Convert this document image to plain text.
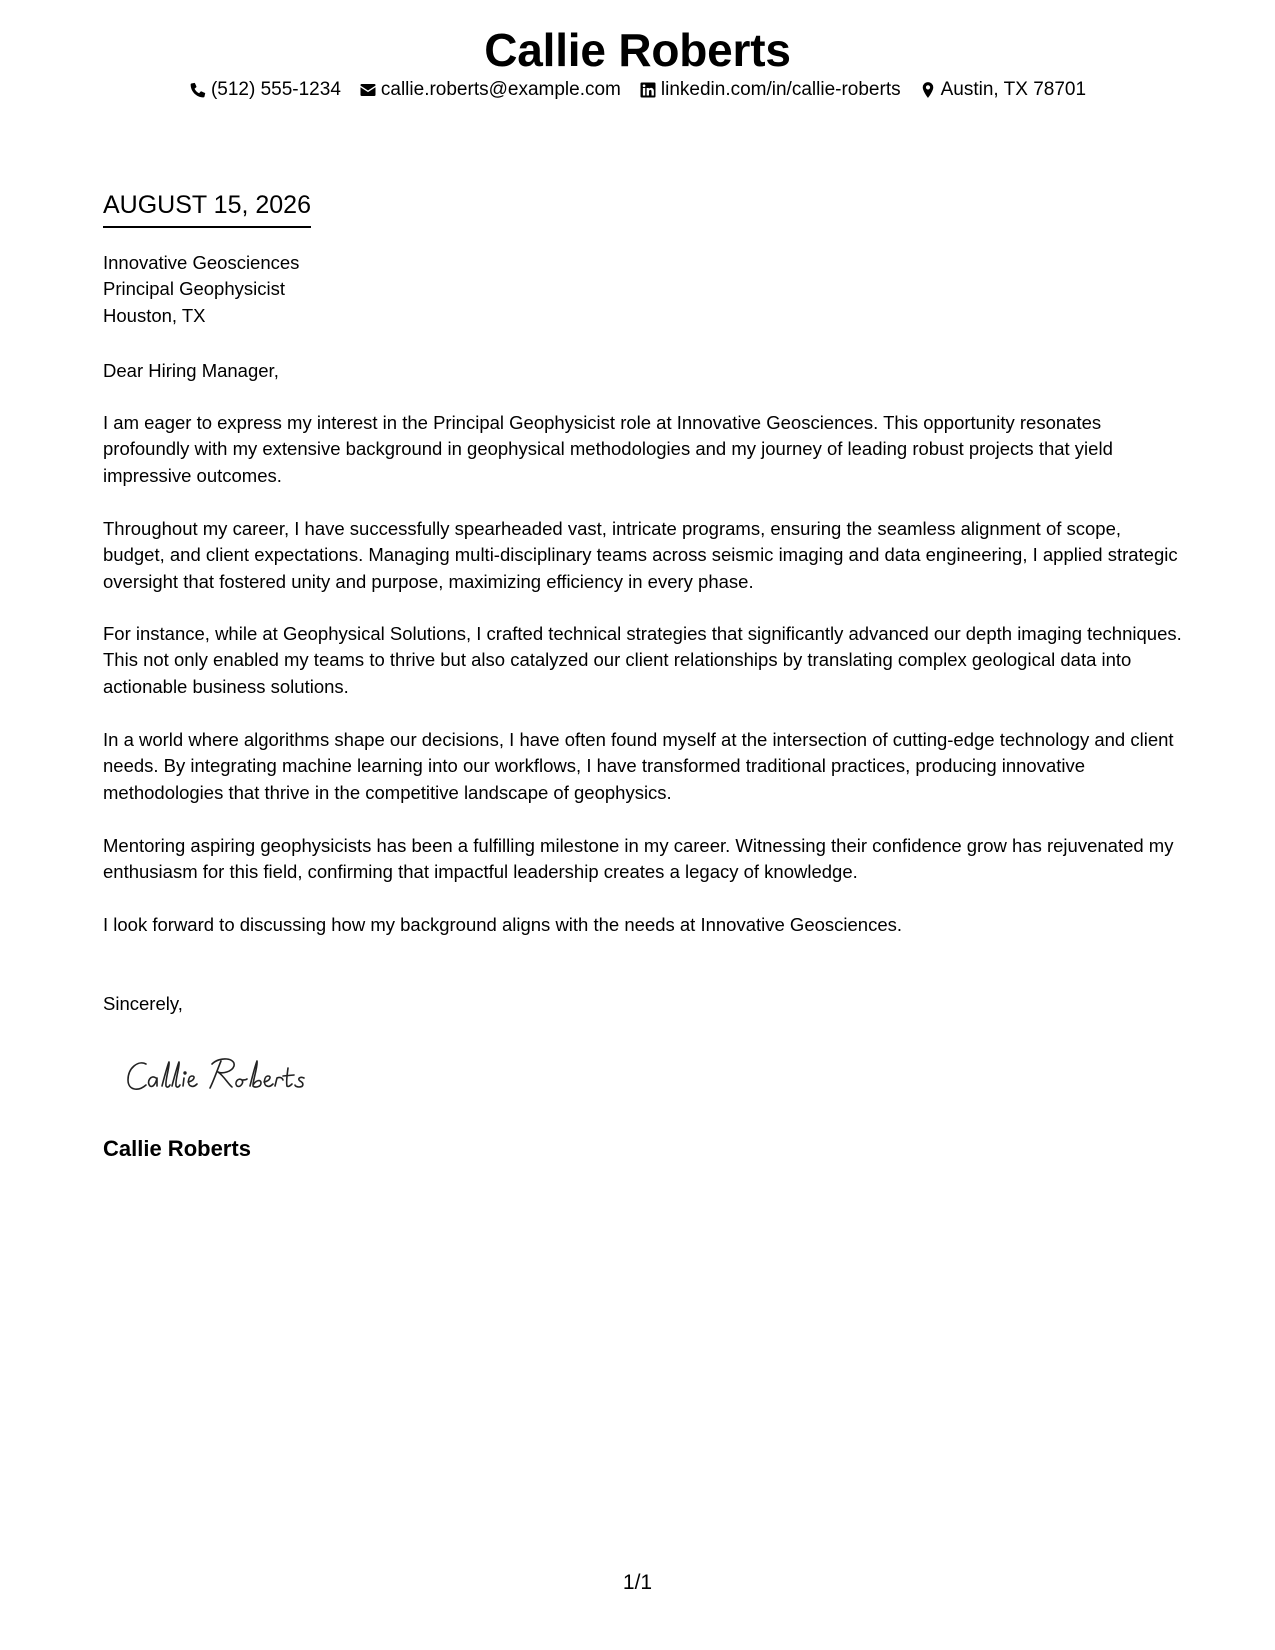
Callie Roberts
(512) 555-1234 callie.roberts@example.com linkedin.com/in/callie-roberts Austin, TX 78701
AUGUST 15, 2026
Innovative Geosciences
Principal Geophysicist
Houston, TX
Dear Hiring Manager,

I am eager to express my interest in the Principal Geophysicist role at Innovative Geosciences. This opportunity resonates profoundly with my extensive background in geophysical methodologies and my journey of leading robust projects that yield impressive outcomes.

Throughout my career, I have successfully spearheaded vast, intricate programs, ensuring the seamless alignment of scope, budget, and client expectations. Managing multi-disciplinary teams across seismic imaging and data engineering, I applied strategic oversight that fostered unity and purpose, maximizing efficiency in every phase.

For instance, while at Geophysical Solutions, I crafted technical strategies that significantly advanced our depth imaging techniques. This not only enabled my teams to thrive but also catalyzed our client relationships by translating complex geological data into actionable business solutions.

In a world where algorithms shape our decisions, I have often found myself at the intersection of cutting-edge technology and client needs. By integrating machine learning into our workflows, I have transformed traditional practices, producing innovative methodologies that thrive in the competitive landscape of geophysics.

Mentoring aspiring geophysicists has been a fulfilling milestone in my career. Witnessing their confidence grow has rejuvenated my enthusiasm for this field, confirming that impactful leadership creates a legacy of knowledge.

I look forward to discussing how my background aligns with the needs at Innovative Geosciences.

Sincerely,
Callie Roberts
1/1
